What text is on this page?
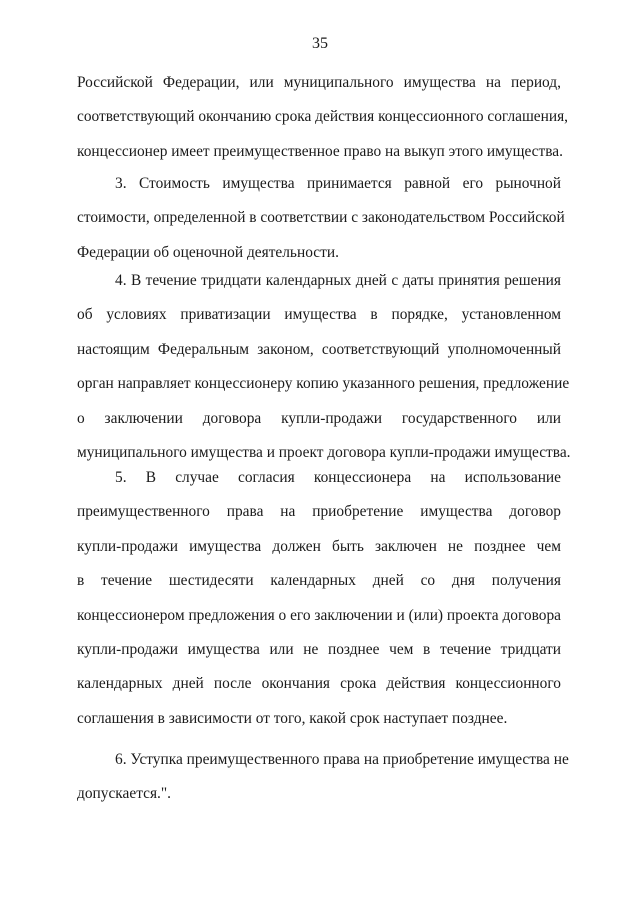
35
Российской Федерации, или муниципального имущества на период,
соответствующий окончанию срока действия концессионного соглашения,
концессионер имеет преимущественное право на выкуп этого имущества.
3. Стоимость имущества принимается равной его рыночной
стоимости, определенной в соответствии с законодательством Российской
Федерации об оценочной деятельности.
4. В течение тридцати календарных дней с даты принятия решения
об условиях приватизации имущества в порядке, установленном
настоящим Федеральным законом, соответствующий уполномоченный
орган направляет концессионеру копию указанного решения, предложение
о заключении договора купли-продажи государственного или
муниципального имущества и проект договора купли-продажи имущества.
5. В случае согласия концессионера на использование
преимущественного права на приобретение имущества договор
купли-продажи имущества должен быть заключен не позднее чем
в течение шестидесяти календарных дней со дня получения
концессионером предложения о его заключении и (или) проекта договора
купли-продажи имущества или не позднее чем в течение тридцати
календарных дней после окончания срока действия концессионного
соглашения в зависимости от того, какой срок наступает позднее.
6. Уступка преимущественного права на приобретение имущества не
допускается.".
